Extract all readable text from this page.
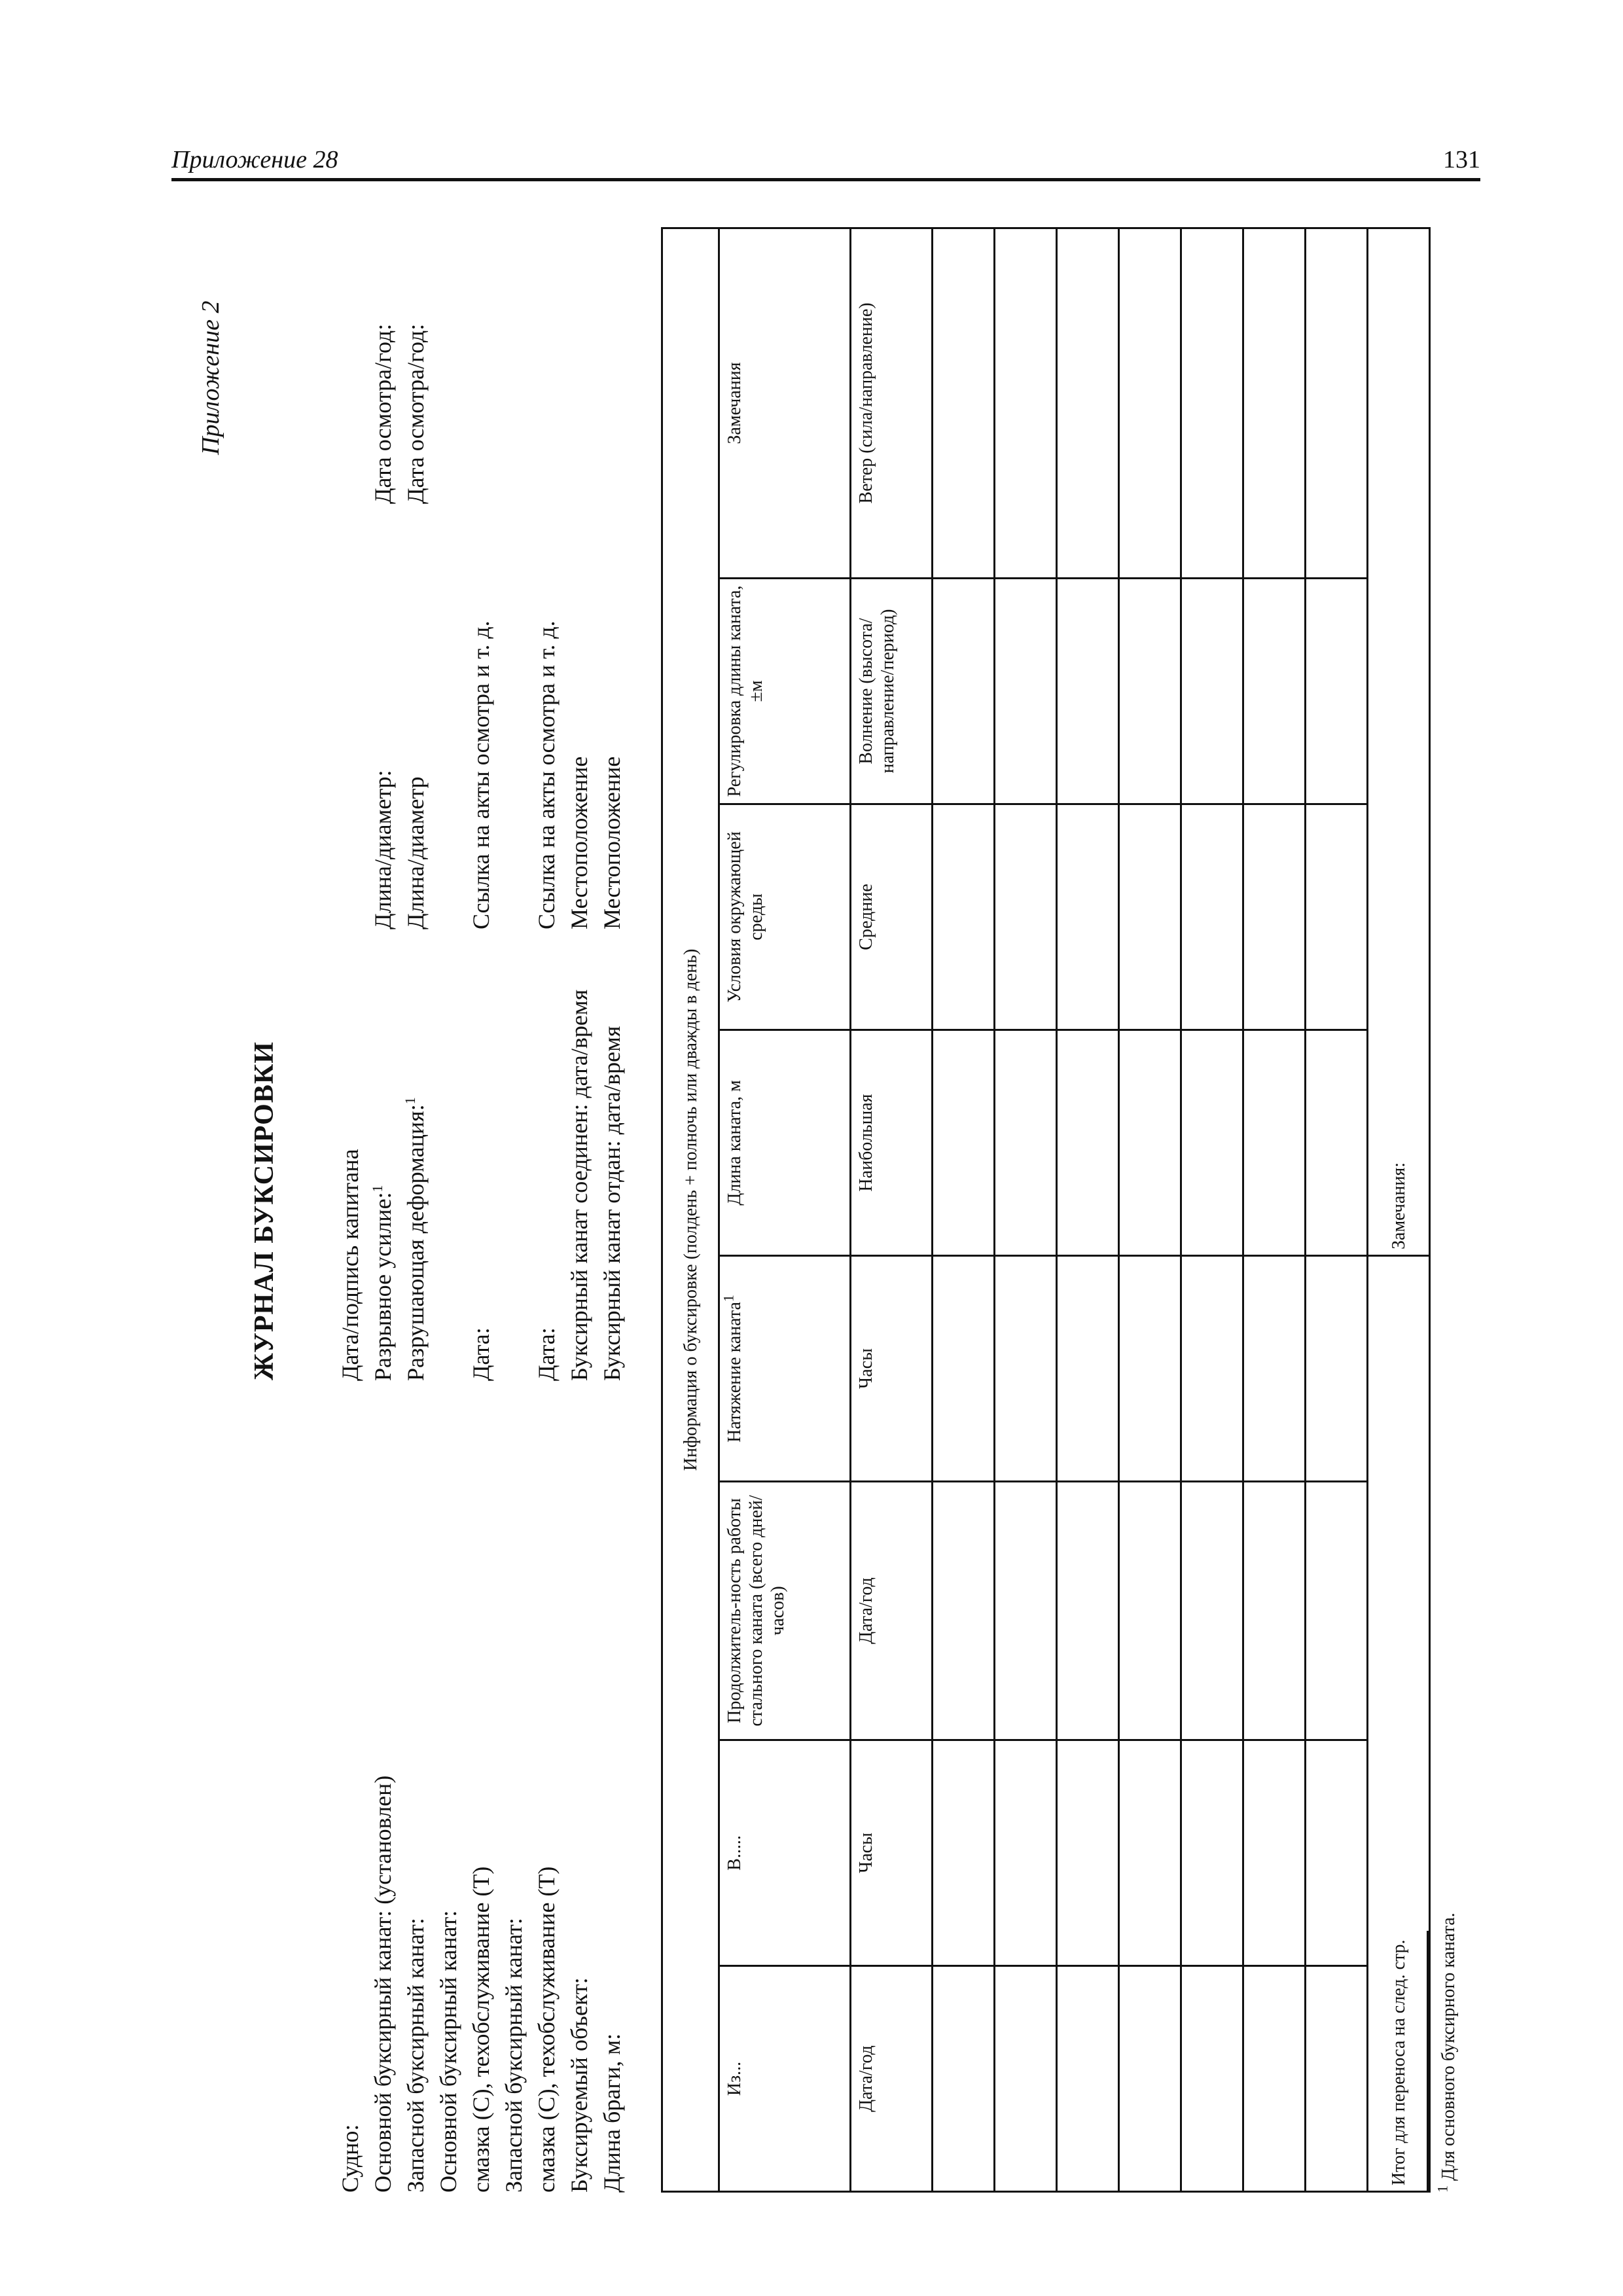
Приложение 28	131
Приложение 2
ЖУРНАЛ БУКСИРОВКИ
Судно: Основной буксирный канат: (установлен) Запасной буксирный канат: Основной буксирный канат: смазка (С), техобслуживание (Т) Запасной буксирный канат: смазка (С), техобслуживание (Т) Буксируемый объект: Длина браги, м:
Дата/подпись капитана Разрывное усилие:$^1$ Разрушающая деформация:$^1$
Дата: Дата: Буксирный канат соединен: дата/время Буксирный канат отдан: дата/время
Длина/диаметр: Длина/диаметр Ссылка на акты осмотра и т. д. Ссылка на акты осмотра и т. д. Местоположение Местоположение
Дата осмотра/год: Дата осмотра/год:
Информация о буксировке (полдень + полночь или дважды в день)							
Из...	В.....	Продолжитель-ность работы стального каната (всего дней/часов)	Натяжение каната$^1$	Длина каната, м	Условия окружающей среды	Регулировка длины каната, ±м	Замечания
Дата/год	Часы	Дата/год	Часы	Наибольшая	Средние	Волнение (высота/направление/период)	Ветер (сила/направление)

Итог для переноса на след. стр.				Замечания:			
$^1$ Для основного буксирного каната.
